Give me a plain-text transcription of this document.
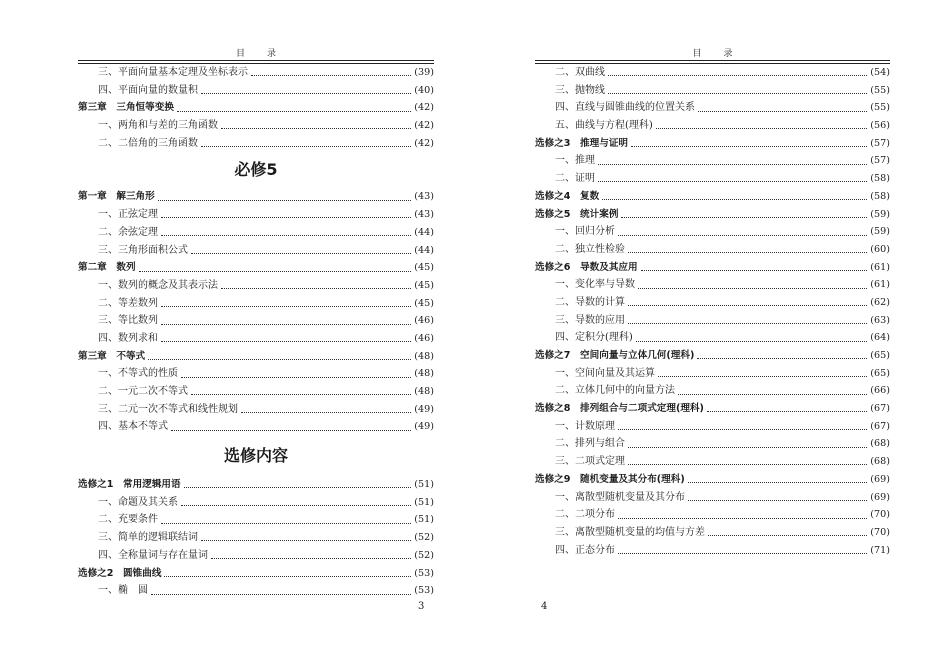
目录
三、平面向量基本定理及坐标表示	(39)
四、平面向量的数量积	(40)
第三章　三角恒等变换	(42)
一、两角和与差的三角函数	(42)
二、二倍角的三角函数	(42)
必修5
第一章　解三角形	(43)
一、正弦定理	(43)
二、余弦定理	(44)
三、三角形面积公式	(44)
第二章　数列	(45)
一、数列的概念及其表示法	(45)
二、等差数列	(45)
三、等比数列	(46)
四、数列求和	(46)
第三章　不等式	(48)
一、不等式的性质	(48)
二、一元二次不等式	(48)
三、二元一次不等式和线性规划	(49)
四、基本不等式	(49)
选修内容
选修之1　常用逻辑用语	(51)
一、命题及其关系	(51)
二、充要条件	(51)
三、简单的逻辑联结词	(52)
四、全称量词与存在量词	(52)
选修之2　圆锥曲线	(53)
一、椭　圆	(53)
3
目录
二、双曲线	(54)
三、抛物线	(55)
四、直线与圆锥曲线的位置关系	(55)
五、曲线与方程(理科)	(56)
选修之3　推理与证明	(57)
一、推理	(57)
二、证明	(58)
选修之4　复数	(58)
选修之5　统计案例	(59)
一、回归分析	(59)
二、独立性检验	(60)
选修之6　导数及其应用	(61)
一、变化率与导数	(61)
二、导数的计算	(62)
三、导数的应用	(63)
四、定积分(理科)	(64)
选修之7　空间向量与立体几何(理科)	(65)
一、空间向量及其运算	(65)
二、立体几何中的向量方法	(66)
选修之8　排列组合与二项式定理(理科)	(67)
一、计数原理	(67)
二、排列与组合	(68)
三、二项式定理	(68)
选修之9　随机变量及其分布(理科)	(69)
一、离散型随机变量及其分布	(69)
二、二项分布	(70)
三、离散型随机变量的均值与方差	(70)
四、正态分布	(71)
4
